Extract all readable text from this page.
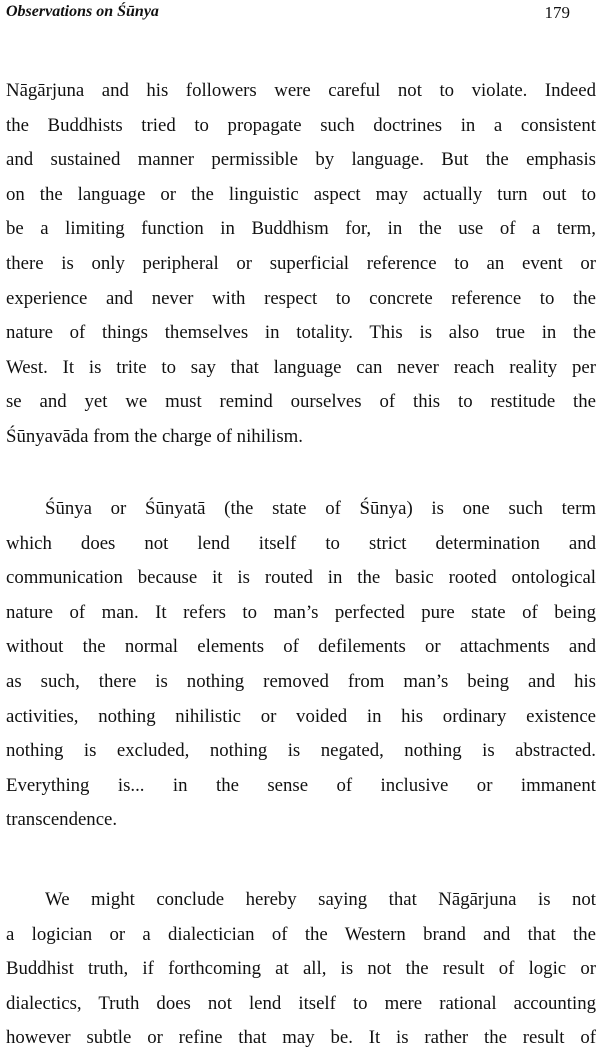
Observations on Śūnya	179
Nāgārjuna and his followers were careful not to violate. Indeed
the Buddhists tried to propagate such doctrines in a consistent
and sustained manner permissible by language. But the emphasis
on the language or the linguistic aspect may actually turn out to
be a limiting function in Buddhism for, in the use of a term,
there is only peripheral or superficial reference to an event or
experience and never with respect to concrete reference to the
nature of things themselves in totality. This is also true in the
West. It is trite to say that language can never reach reality per
se and yet we must remind ourselves of this to restitude the
Śūnyavāda from the charge of nihilism.
Śūnya or Śūnyatā (the state of Śūnya) is one such term
which does not lend itself to strict determination and
communication because it is routed in the basic rooted ontological
nature of man. It refers to man’s perfected pure state of being
without the normal elements of defilements or attachments and
as such, there is nothing removed from man’s being and his
activities, nothing nihilistic or voided in his ordinary existence
nothing is excluded, nothing is negated, nothing is abstracted.
Everything is... in the sense of inclusive or immanent
transcendence.
We might conclude hereby saying that Nāgārjuna is not
a logician or a dialectician of the Western brand and that the
Buddhist truth, if forthcoming at all, is not the result of logic or
dialectics, Truth does not lend itself to mere rational accounting
however subtle or refine that may be. It is rather the result of
